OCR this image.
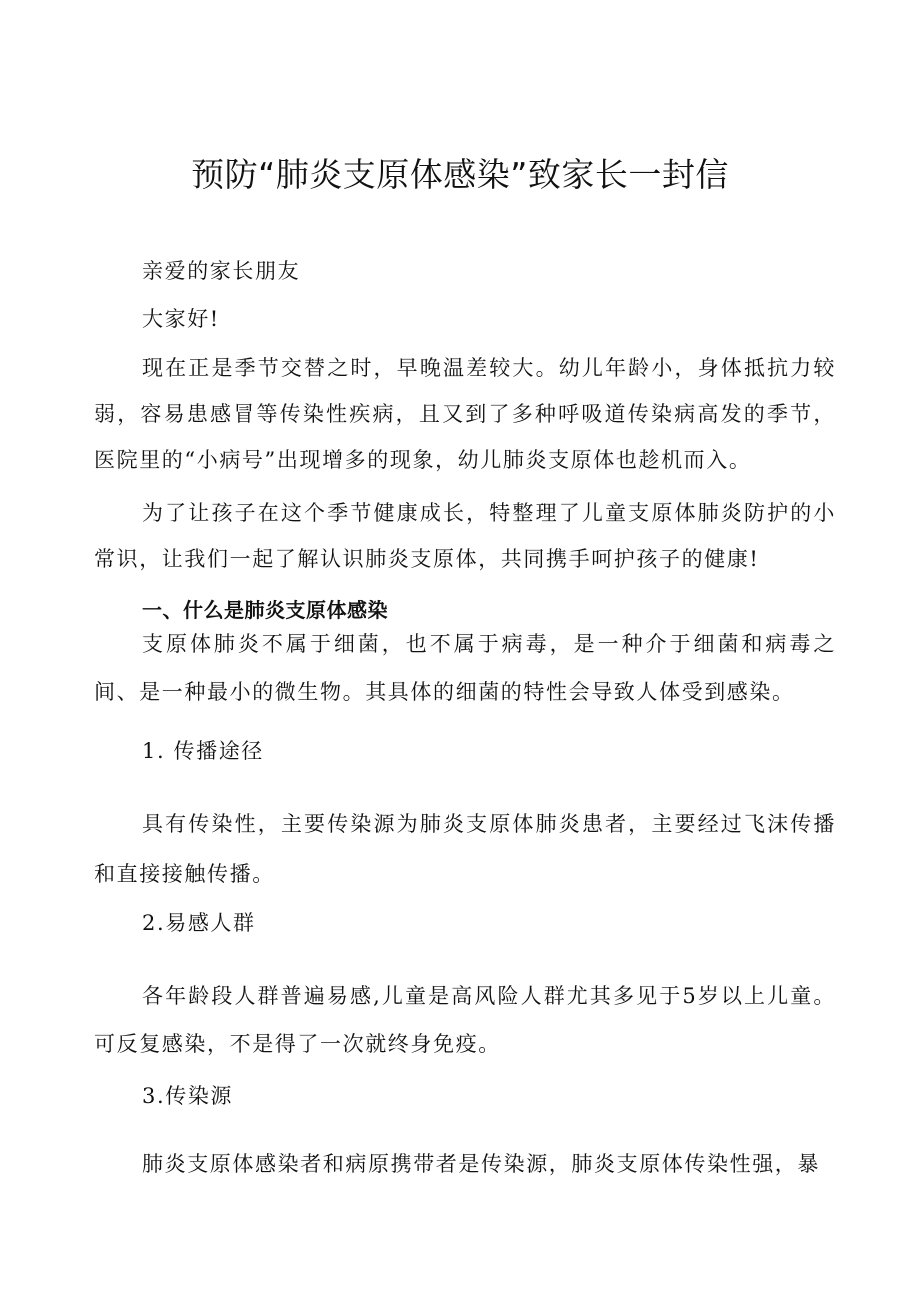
预防“肺炎支原体感染”致家长一封信

亲爱的家长朋友

大家好!

现在正是季节交替之时，早晚温差较大。幼儿年龄小，身体抵抗力较弱，容易患感冒等传染性疾病，且又到了多种呼吸道传染病高发的季节，医院里的“小病号”出现增多的现象，幼儿肺炎支原体也趁机而入。

为了让孩子在这个季节健康成长，特整理了儿童支原体肺炎防护的小常识，让我们一起了解认识肺炎支原体，共同携手呵护孩子的健康!

一、什么是肺炎支原体感染

支原体肺炎不属于细菌，也不属于病毒，是一种介于细菌和病毒之间、是一种最小的微生物。其具体的细菌的特性会导致人体受到感染。

1. 传播途径

具有传染性，主要传染源为肺炎支原体肺炎患者，主要经过飞沫传播和直接接触传播。

2.易感人群

各年龄段人群普遍易感,儿童是高风险人群尤其多见于5岁以上儿童。可反复感染，不是得了一次就终身免疫。

3.传染源

肺炎支原体感染者和病原携带者是传染源，肺炎支原体传染性强，暴
